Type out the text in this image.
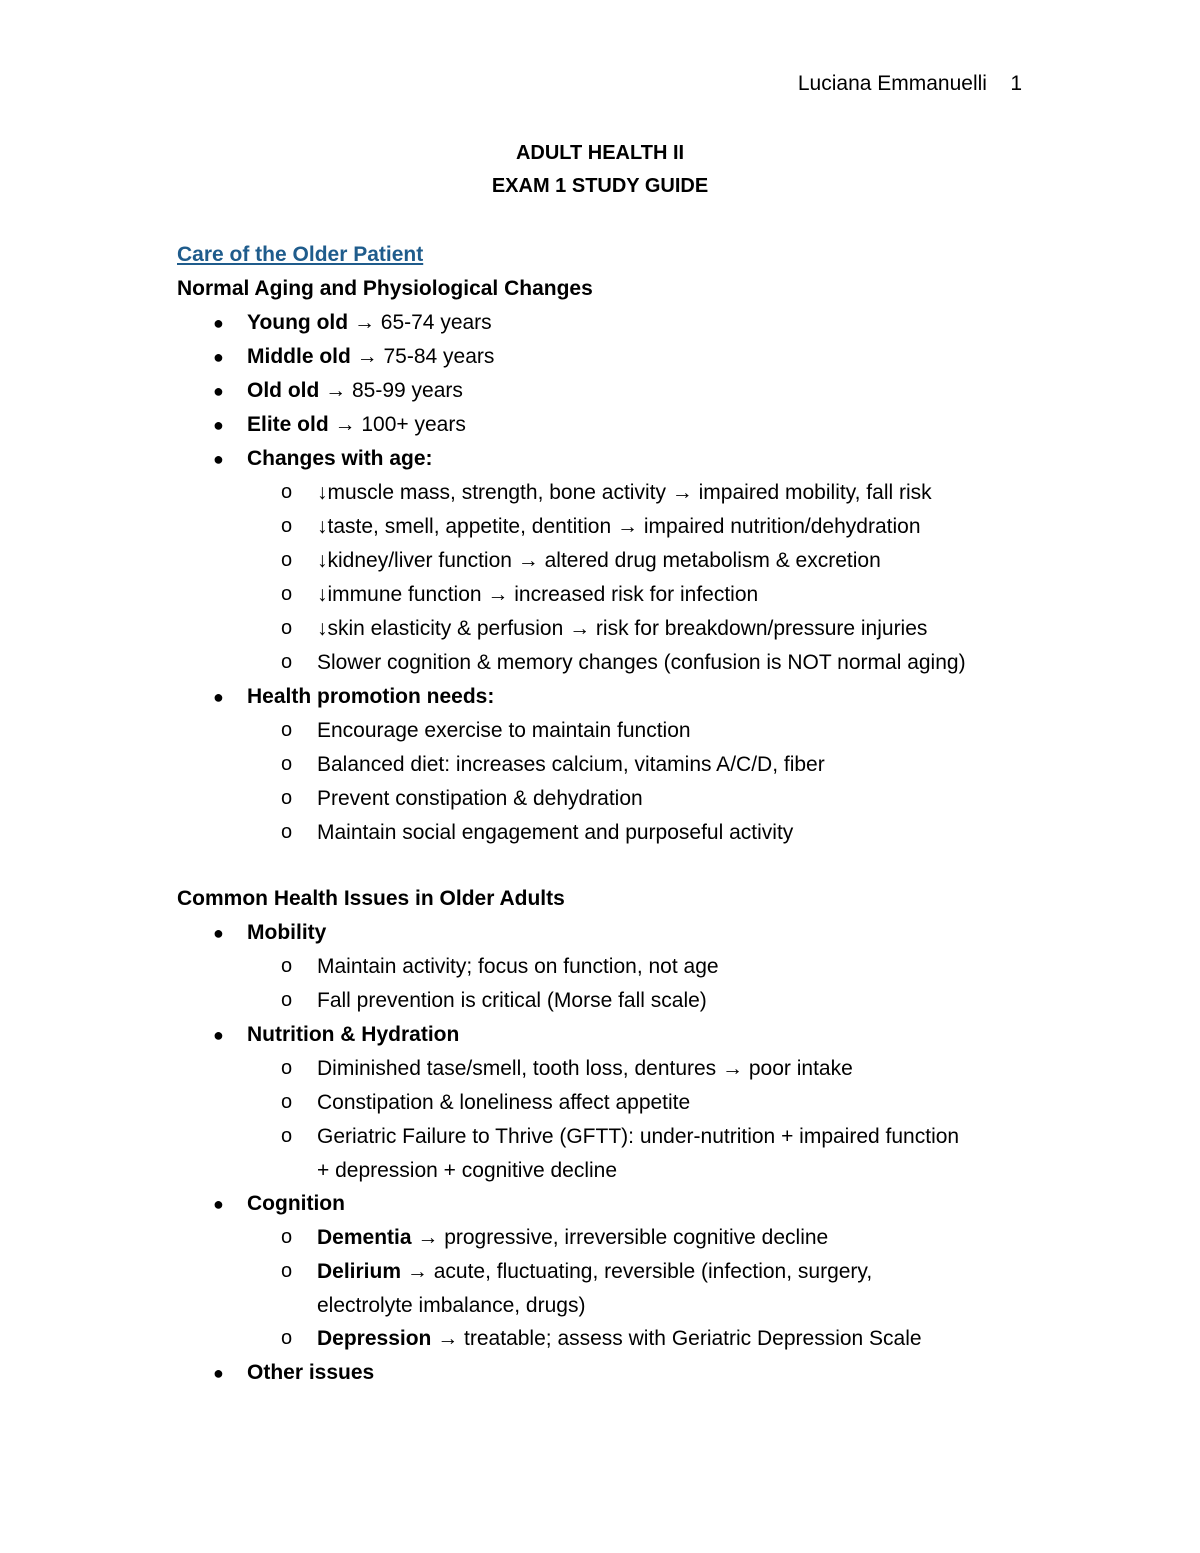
Luciana Emmanuelli 1
ADULT HEALTH II
EXAM 1 STUDY GUIDE
Care of the Older Patient
Normal Aging and Physiological Changes
● Young old → 65-74 years
● Middle old → 75-84 years
● Old old → 85-99 years
● Elite old → 100+ years
● Changes with age:
o ↓muscle mass, strength, bone activity → impaired mobility, fall risk
o ↓taste, smell, appetite, dentition → impaired nutrition/dehydration
o ↓kidney/liver function → altered drug metabolism & excretion
o ↓immune function → increased risk for infection
o ↓skin elasticity & perfusion → risk for breakdown/pressure injuries
o Slower cognition & memory changes (confusion is NOT normal aging)
● Health promotion needs:
o Encourage exercise to maintain function
o Balanced diet: increases calcium, vitamins A/C/D, fiber
o Prevent constipation & dehydration
o Maintain social engagement and purposeful activity
Common Health Issues in Older Adults
● Mobility
o Maintain activity; focus on function, not age
o Fall prevention is critical (Morse fall scale)
● Nutrition & Hydration
o Diminished tase/smell, tooth loss, dentures → poor intake
o Constipation & loneliness affect appetite
o Geriatric Failure to Thrive (GFTT): under-nutrition + impaired function
+ depression + cognitive decline
● Cognition
o Dementia → progressive, irreversible cognitive decline
o Delirium → acute, fluctuating, reversible (infection, surgery,
electrolyte imbalance, drugs)
o Depression → treatable; assess with Geriatric Depression Scale
● Other issues
